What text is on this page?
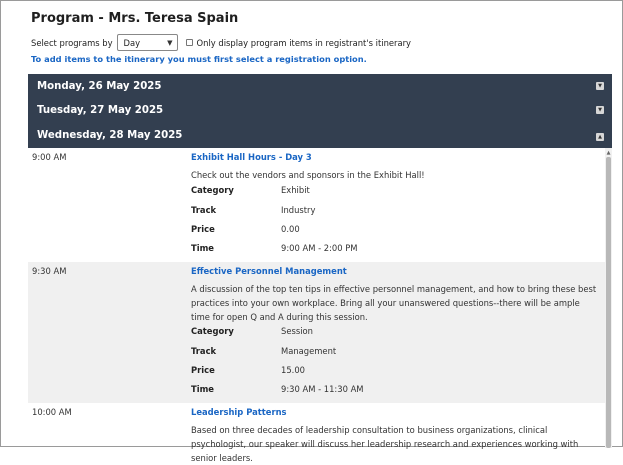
Program - Mrs. Teresa Spain
Select programs by Day	▼	Only display program items in registrant's itinerary
To add items to the itinerary you must first select a registration option.
Monday, 26 May 2025	▼
Tuesday, 27 May 2025	▼
Wednesday, 28 May 2025	▲
9:00 AM	Exhibit Hall Hours - Day 3
Check out the vendors and sponsors in the Exhibit Hall!
Category	Exhibit
Track	Industry
Price	0.00
Time	9:00 AM - 2:00 PM
9:30 AM	Effective Personnel Management
A discussion of the top ten tips in effective personnel management, and how to bring these best practices into your own workplace. Bring all your unanswered questions--there will be ample time for open Q and A during this session.
Category	Session
Track	Management
Price	15.00
Time	9:30 AM - 11:30 AM
10:00 AM	Leadership Patterns
Based on three decades of leadership consultation to business organizations, clinical psychologist, our speaker will discuss her leadership research and experiences working with senior leaders.
▲
